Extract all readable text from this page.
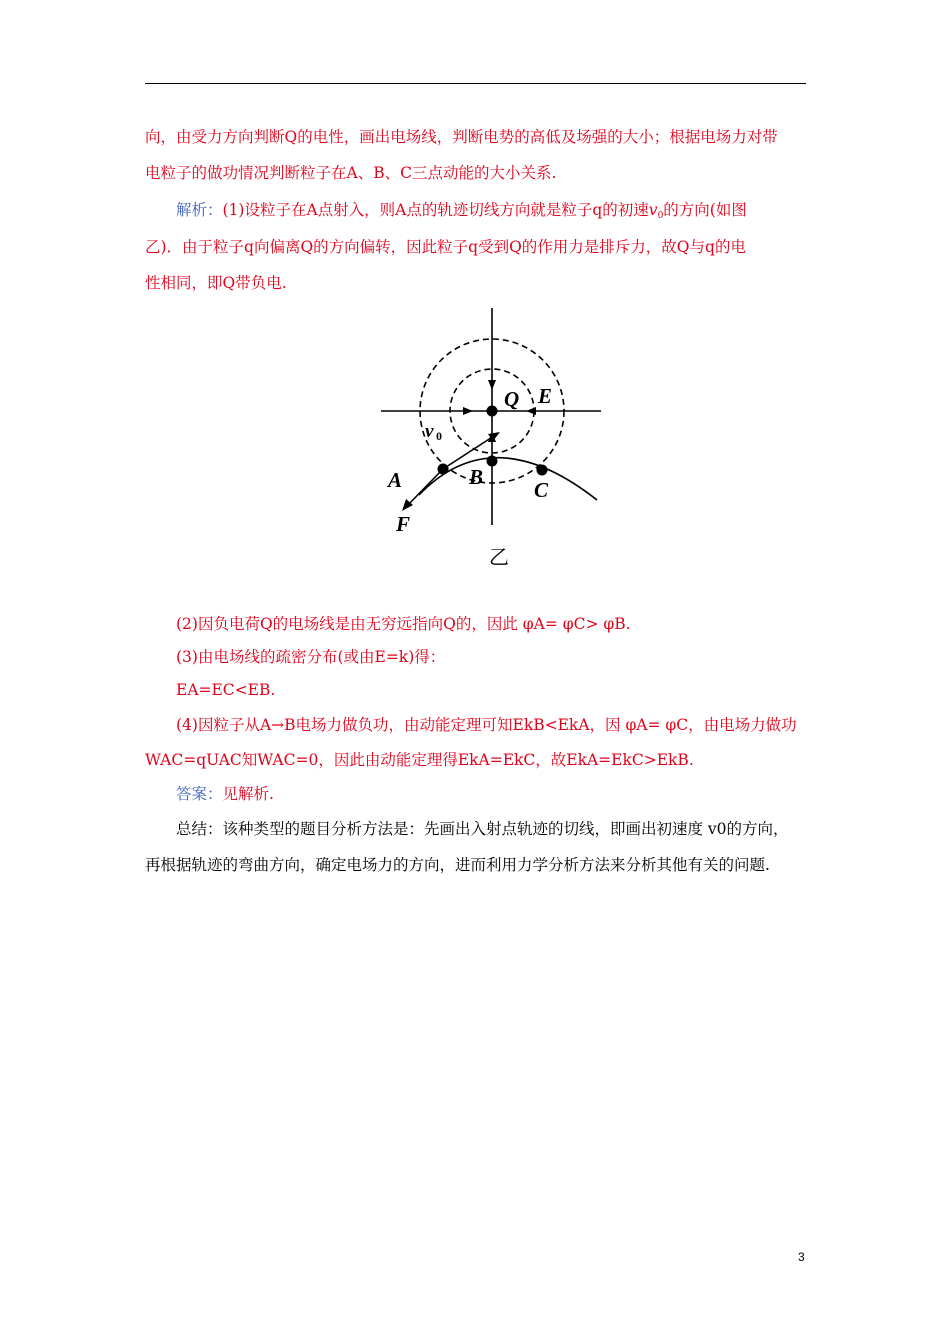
向，由受力方向判断Q的电性，画出电场线，判断电势的高低及场强的大小；根据电场力对带
电粒子的做功情况判断粒子在A、B、C三点动能的大小关系.
解析：(1)设粒子在A点射入，则A点的轨迹切线方向就是粒子q的初速$v_0$的方向(如图
乙)．由于粒子q向偏离Q的方向偏转，因此粒子q受到Q的作用力是排斥力，故Q与q的电
性相同，即Q带负电.
Q E
v 0
A	B
C
F
乙
(2)因负电荷Q的电场线是由无穷远指向Q的，因此 φA= φC> φB.
(3)由电场线的疏密分布(或由E=k)得：
EA=EC<EB.
(4)因粒子从A→B电场力做负功，由动能定理可知EkB<EkA，因 φA= φC，由电场力做功
WAC=qUAC知WAC=0，因此由动能定理得EkA=EkC，故EkA=EkC>EkB.
答案：见解析.
总结：该种类型的题目分析方法是：先画出入射点轨迹的切线，即画出初速度 v0的方向，
再根据轨迹的弯曲方向，确定电场力的方向，进而利用力学分析方法来分析其他有关的问题.
3
